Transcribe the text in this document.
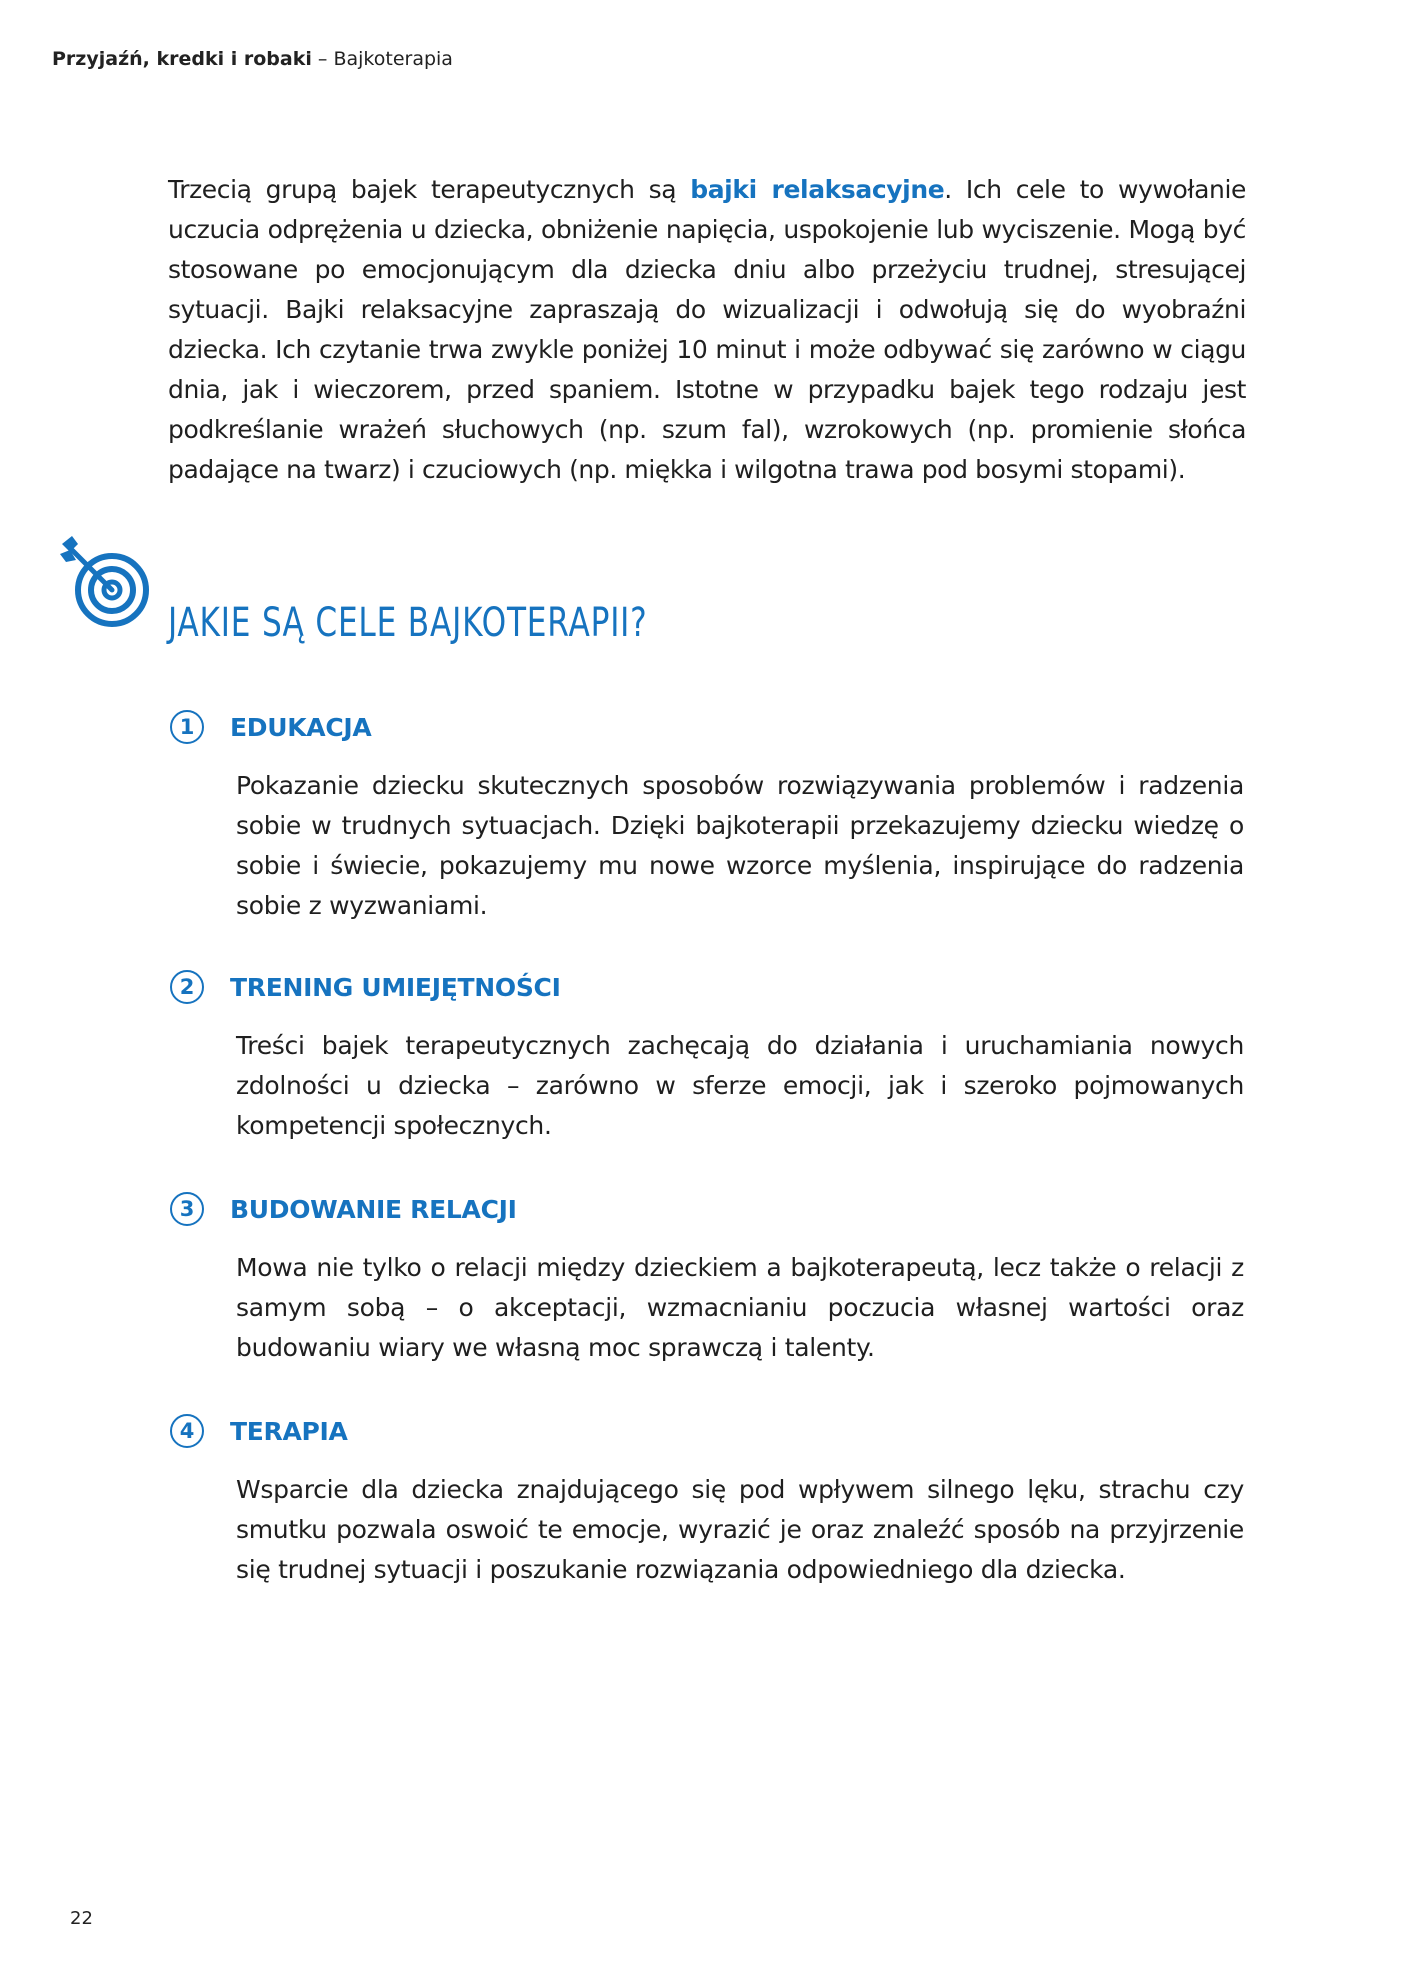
Przyjaźń, kredki i robaki – Bajkoterapia

Trzecią grupą bajek terapeutycznych są bajki relaksacyjne. Ich cele to wywołanie uczucia odprężenia u dziecka, obniżenie napięcia, uspokojenie lub wyciszenie. Mogą być stosowane po emocjonującym dla dziecka dniu albo przeżyciu trudnej, stresującej sytuacji. Bajki relaksacyjne zapraszają do wizualizacji i odwołują się do wyobraźni dziecka. Ich czytanie trwa zwykle poniżej 10 minut i może odbywać się zarówno w ciągu dnia, jak i wieczorem, przed spaniem. Istotne w przypadku bajek tego rodzaju jest podkreślanie wrażeń słuchowych (np. szum fal), wzrokowych (np. promienie słońca padające na twarz) i czuciowych (np. miękka i wilgotna trawa pod bosymi stopami).

JAKIE SĄ CELE BAJKOTERAPII?
1	EDUKACJA
Pokazanie dziecku skutecznych sposobów rozwiązywania problemów i radzenia sobie w trudnych sytuacjach. Dzięki bajkoterapii przekazujemy dziecku wiedzę o sobie i świecie, pokazujemy mu nowe wzorce myślenia, inspirujące do radzenia sobie z wyzwaniami.
2	TRENING UMIEJĘTNOŚCI
Treści bajek terapeutycznych zachęcają do działania i uruchamiania nowych zdolności u dziecka – zarówno w sferze emocji, jak i szeroko pojmowanych kompetencji społecznych.
3	BUDOWANIE RELACJI
Mowa nie tylko o relacji między dzieckiem a bajkoterapeutą, lecz także o relacji z samym sobą – o akceptacji, wzmacnianiu poczucia własnej wartości oraz budowaniu wiary we własną moc sprawczą i talenty.
4	TERAPIA
Wsparcie dla dziecka znajdującego się pod wpływem silnego lęku, strachu czy smutku pozwala oswoić te emocje, wyrazić je oraz znaleźć sposób na przyjrzenie się trudnej sytuacji i poszukanie rozwiązania odpowiedniego dla dziecka.
22
